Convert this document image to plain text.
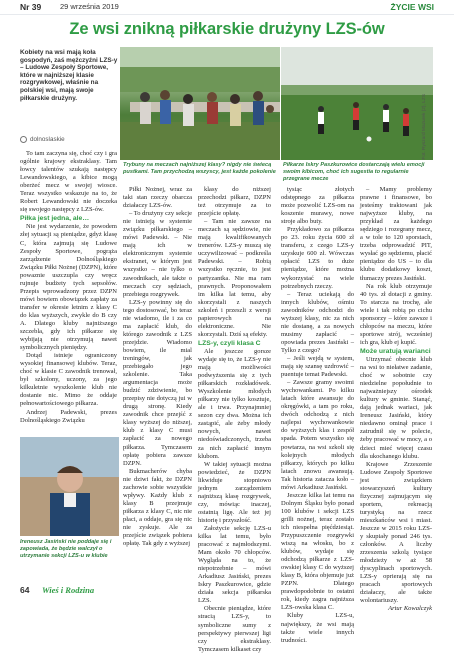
Nr 39 29 września 2019	ŻYCIE WSI
Ze wsi znikną piłkarskie drużyny LZS-ów
Kobiety na wsi mają koła gospodyń, zaś mężczyźni LZS-y – Ludowe Zespoły Sportowe, które w najniższej klasie rozgrywkowej, właśnie na polskiej wsi, mają swoje piłkarskie drużyny.
dolnoslaskie	Fot. Ryszard Mazurek (2), LZS
Trybuny na meczach najniższej klasy? nigdy nie świecą pustkami. Tam przychodzą wszyscy, jest każde pokolenie
Piłkarze Iskry Paszkurowice dostarczają wielu emocji swoim kibicom, choć ich sugestia to regularnie przegrane mecze
Ireneusz Jasiński nie poddaje się i zapowiada, że będzie walczył o utrzymanie sekcji LZS-u w klubie

To tam zaczyna się, choć czy i gra ogólnie krajowy ekstraklasy. Tam łowcy talentów szukają następcy Lewandowskiego, a kibice mogą oberżeć mecz w swojej wiosce. Teraz wszystko wskazuje na to, że Robert Lewandowski nie doczeka się swojego następcy z LZS-ów.

Piłka jest jedna, ale…

Nie jest wydarzenie, że powodem złej sytuacji są pieniądze, gdyż klasę C, która zajmują się Ludowe Zespoły Sportowe, pogrąża zarządzenie Dolnośląskiego Związku Piłki Nożnej (DZPN), które powaznie uszczupla czy wręcz rujnuje budżety tych sepsołów. Przepis wprowadzony przez DZPN mówi bowiem obowiązek zapłaty za transfer w okresie letnim z klasy C do klas wyższych, zwykle do B czy A. Dlatego kluby najniższego szczebla, gdy ich piłkarze się wybijają nie otrzymują nawet symbolicznych pieniędzy.

Dotąd istnieje ograniczony wysokiej finansowej klubów. Teraz, choć w klasie C zawodnik trenował, był szkolony, uczony, za jego kilkuletnie wyszkolenie klub nie dostanie nic. Mimo że oddaje pełnowartościowego piłkarza.

Andrzej Padewski, prezes Dolnośląskiego Związku

Piłki Nożnej, wraz za taki stan rzeczy obarcza działaczy LZS-ów.

– To drużyny czy sekcje nie istnieją w systemie związku piłkarskiego – mówi Padewski. – Nie mają ich w elektronicznym systemie ekstranet, w którym jest wszystko – nie tylko o zawodnikach, ale także o meczach czy sędziach, przebiegu rozgrywek.

LZS-y powinny się do tego dostosować, bo teraz nie wiadomo, ile i za co ma zapłacić klub, do którego zawodnik z LZS przejdzie. Wiadomo bowiem, ile mial treningów, jak przebiegało jego szkolenie. Taka argumentacja może budzić zdziwienie, bo przepisy nie dotyczą jui w drugą stronę. Kiedy zawodnik chce przejść z klasy wyższej do niższej, klub z klasy C musi zapłacić za nowego piłkarza. Tymczasem opłatę pobiera zawsze DZPN.

Bukmacherów chyba nie dziwi fakt, że DZPN zachowie sobie wszystkie wpływy. Każdy klub z klasy B przejmuje piłkarza z klasy C, nic nie płaci, a oddaje, gra się nic nie zyskuje. Ale za przejście związek pobiera opłatę. Tak gdy z wyższej

klasy do niższej przechodzi piłkarz, DZPN też otrzymuje za to przejście opłatę.

– Tam nie zawsze na meczach są sędziowie, nie mają kwalifikowanych trenerów. LZS-y muszą się uczywilizować – podkreśla Padewski. – Robią wszystko ręcznie, to jest partyzantka. Nie ma ram prawnych. Proponowałem im kilka lat temu, aby skorzystali z naszych szkoleń i przeszli z wersji papierowych na elektroniczne. Nie skorzystali. Dziś są efekty.

LZS-y, czyli klasa C

Ale jeszcze gorsze wydaje się to, że LZS-y nie mają możliwości podwyższenia się z tych piłkarskich rozkładówek. Wyszkolenie młodych piłkarzy nie tylko kosztuje, ale i trwa. Przynajmniej sezon czy dwa. Można ich zastąpić, ale żeby młody nowych, nawet niedoświadczonych, trzeba za nich zapłacić innym klubom.

W takiej sytuacji można powiedzieć, że DZPN likwiduje stopniowo jednym zarządzeniem najniższą klasę rozgrywek, czy, mówiąc inaczej, ostatnią ligę. Ale też jej historię i przyszłość.

Założycie sekcję LZS-u kilka lat temu, było pracować z najmłodszymi. Mam około 70 chłopców. Wygląda na to, że niepotrzebnie – mówi Arkadiusz Jasiński, prezes Iskry Paszkurowice, gdzie działa sekcja piłkarska LZS.

Obecnie pieniądze, które stracią LZS-y, to symboliczne sumy z perspektywy pierwszej ligi czy ekstraklasy. Tymczasem kilkaset czy

tysiąc złotych odstępnego za piłkarza może pozwolić LZS-om na koszenie murawy, nowe stroje albo buty.

Przykładowo za piłkarza po 23. roku życia 600 zł transferu, z czego LZS-y uzyskuje 600 zł. Wówczas opłacić LZS to duże pieniądze, które można wykorzystać na wiele potrzebnych rzeczy.

– Teraz uciekają do innych klubów, ośmiu zawodników odchodzi do wyższej klasy, nic za nich nie dostanę, a za nowych musimy zapłacić – opowiada prezes Jasiński – Tylko z czego?

– Jeśli wejdą w system, mają się szansę uzdrowić – puentuje temat Padewski.

– Zawsze gramy swoimi wychowankami. Po kilku latach które awansuje do okręgówki, a tam po roku, dwóch odchodzą z nich najlepsi wychowankowie do wyższych klas i zespół spada. Potem wszystko się powtarza, na wsi szkoli się kolejnych młodych piłkarzy, których po kilku latach znowu awansują. Tak historia zatacza koło – mówi Arkadiusz Jasiński.

Jeszcze kilka lat temu na Dolnym Śląsku było ponad 100 klubów i sekcji LZS grilli nożnej, teraz zostało ich niespełna pięćdziesiąt. Przypuszczenie rozgrywki wiszą na włosku, bo z klubów, wydaje się odchodzą piłkarze z LZS-owskiej klasy C do wyższej klasy B, która objemuje już PZPN. Dlatego prawdopodobnie to ostatni rok, kiedy zagra najniższa LZS-owska klasa C.

Kluby LZS-u, największy, że wsi mają także wiele innych trudności.

– Mamy problemy prawne i finansowe, bo jesteśmy traktowani jak najwyższe kluby, na przykład za każdego sędziego i rozegrany mecz, a w tole to 120 sporstach, trzeba odprowadzić PIT, wysłać go sędziemu, płacić pieniądze do US – to dla klubu dodatkowy koszt, tłumaczy prezes Jasiński.

Na rok klub otrzymuje 40 tys. zł dotacji z gminy. To starcza na trochę, ale wiele i tak robią po cichu sponsorzy – które zawsze i chłopców na meczu, które sportowe strój, wcześniej ich gra, klub ej kupić.

Może uratują warianci

Utrzymać obecnie klub na wsi to niełatwe zadanie, choć w sobotnie czy niedzielne popołudnie to najważniejszy ośrodek kultury w gminie. Stanąć, dają jednak wariaci, jak Ireneusz Jasiński, który niedawno ominął prace i zatrudnił się w polecie, żeby pracować w mocy, a o dzieci mieć więcej czasu dla ukochanego klubu.

Krajowe Zrzeszenie Ludowe Zespoły Sportowe jest związkiem stowarzyszeń kultury fizycznej zajmującym się sportem, rekreacją turystyką na rzecz mieszkańców wsi i miast. Jeszcze w 2015 roku LZS-y skupiały ponad 246 tys. członków. A liczby zrzeszenia szkolą tysiące młodzieży w aż 58 dyscyplinach sportowych. LZS-y oprierają się na pracach sportowych działaczy, ale także wolontariuszy.

Artur Kowalczyk

64 Wieś i Rodzina
